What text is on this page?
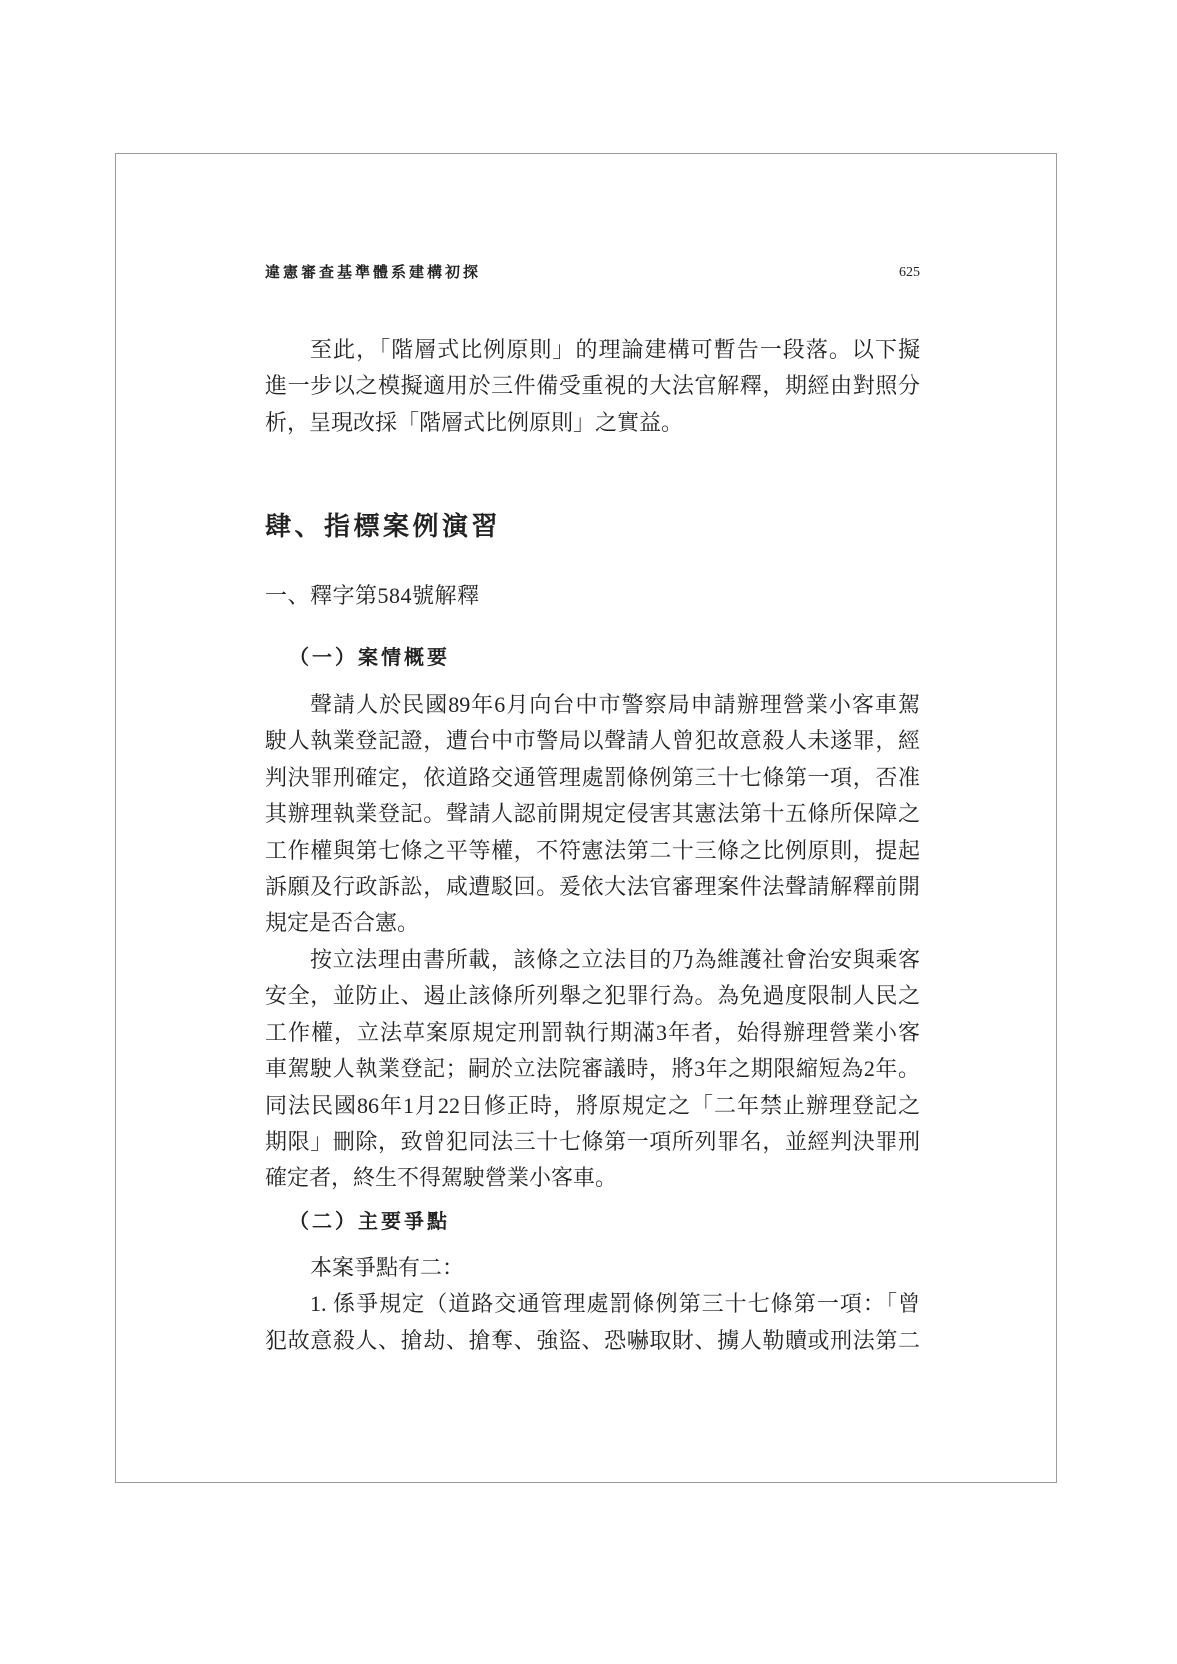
違憲審查基準體系建構初探	625
至此，「階層式比例原則」的理論建構可暫告一段落。以下擬
進一步以之模擬適用於三件備受重視的大法官解釋，期經由對照分
析，呈現改採「階層式比例原則」之實益。
肆、指標案例演習
一、釋字第584號解釋
（一）案情概要
聲請人於民國89年6月向台中市警察局申請辦理營業小客車駕
駛人執業登記證，遭台中市警局以聲請人曾犯故意殺人未遂罪，經
判決罪刑確定，依道路交通管理處罰條例第三十七條第一項，否准
其辦理執業登記。聲請人認前開規定侵害其憲法第十五條所保障之
工作權與第七條之平等權，不符憲法第二十三條之比例原則，提起
訴願及行政訴訟，咸遭駁回。爰依大法官審理案件法聲請解釋前開
規定是否合憲。
按立法理由書所載，該條之立法目的乃為維護社會治安與乘客
安全，並防止、遏止該條所列舉之犯罪行為。為免過度限制人民之
工作權，立法草案原規定刑罰執行期滿3年者，始得辦理營業小客
車駕駛人執業登記；嗣於立法院審議時，將3年之期限縮短為2年。
同法民國86年1月22日修正時，將原規定之「二年禁止辦理登記之
期限」刪除，致曾犯同法三十七條第一項所列罪名，並經判決罪刑
確定者，終生不得駕駛營業小客車。
（二）主要爭點
本案爭點有二：
1. 係爭規定（道路交通管理處罰條例第三十七條第一項：「曾
犯故意殺人、搶劫、搶奪、強盜、恐嚇取財、擄人勒贖或刑法第二
